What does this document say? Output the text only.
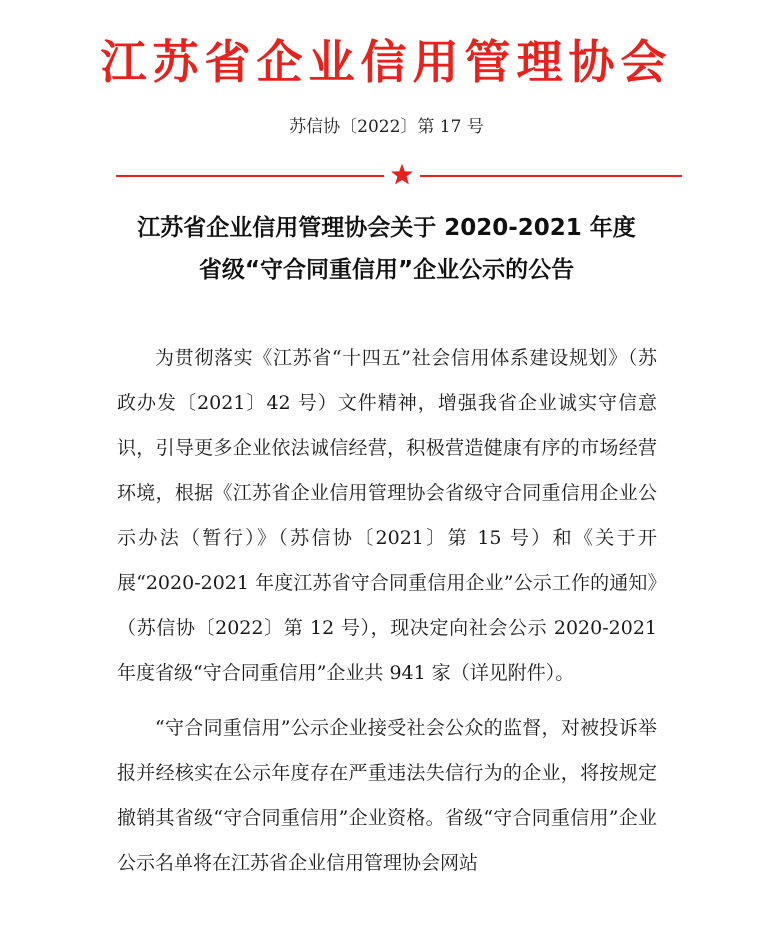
江苏省企业信用管理协会
苏信协〔2022〕第 17 号
江苏省企业信用管理协会关于 2020-2021 年度
省级“守合同重信用”企业公示的公告

为贯彻落实《江苏省“十四五”社会信用体系建设规划》（苏政办发〔2021〕42 号）文件精神，增强我省企业诚实守信意识，引导更多企业依法诚信经营，积极营造健康有序的市场经营环境，根据《江苏省企业信用管理协会省级守合同重信用企业公示办法（暂行）》（苏信协〔2021〕第 15 号）和《关于开展“2020-2021 年度江苏省守合同重信用企业”公示工作的通知》（苏信协〔2022〕第 12 号），现决定向社会公示 2020-2021 年度省级“守合同重信用”企业共 941 家（详见附件）。

“守合同重信用”公示企业接受社会公众的监督，对被投诉举报并经核实在公示年度存在严重违法失信行为的企业，将按规定撤销其省级“守合同重信用”企业资格。省级“守合同重信用”企业公示名单将在江苏省企业信用管理协会网站
